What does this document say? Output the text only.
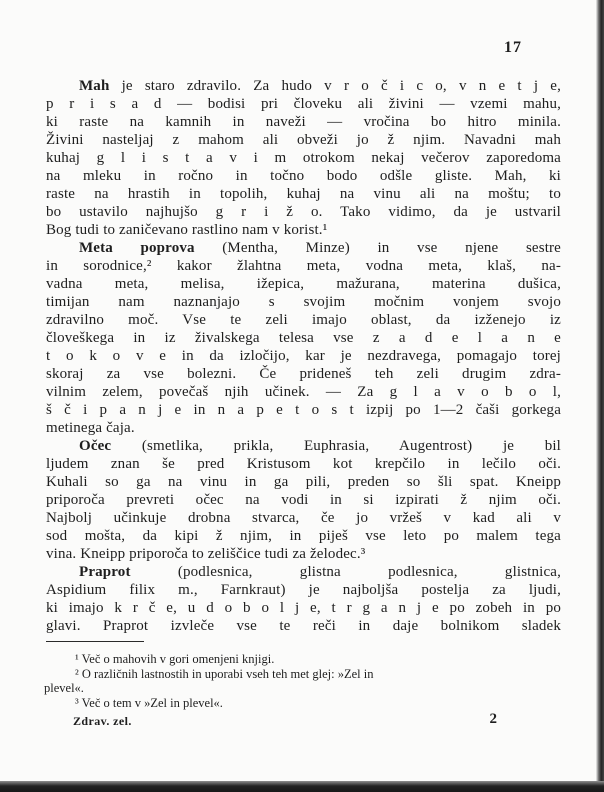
17
Mah je staro zdravilo. Za hudo v r o č i c o, v n e t j e,
p r i s a d — bodisi pri človeku ali živini — vzemi mahu,
ki raste na kamnih in naveži — vročina bo hitro minila.
Živini nasteljaj z mahom ali obveži jo ž njim. Navadni mah
kuhaj g l i s t a v i m otrokom nekaj večerov zaporedoma
na mleku in ročno in točno bodo odšle gliste. Mah, ki
raste na hrastih in topolih, kuhaj na vinu ali na moštu; to
bo ustavilo najhujšo g r i ž o. Tako vidimo, da je ustvaril
Bog tudi to zaničevano rastlino nam v korist.¹
Meta poprova (Mentha, Minze) in vse njene sestre
in sorodnice,² kakor žlahtna meta, vodna meta, klaš, na-
vadna meta, melisa, ižepica, mažurana, materina dušica,
timijan nam naznanjajo s svojim močnim vonjem svojo
zdravilno moč. Vse te zeli imajo oblast, da izženejo iz
človeškega in iz živalskega telesa vse z a d e l a n e
t o k o v e in da izločijo, kar je nezdravega, pomagajo torej
skoraj za vse bolezni. Če prideneš teh zeli drugim zdra-
vilnim zelem, povečaš njih učinek. — Za g l a v o b o l,
š č i p a n j e in n a p e t o s t izpij po 1—2 čaši gorkega
metinega čaja.
Očec (smetlika, prikla, Euphrasia, Augentrost) je bil
ljudem znan še pred Kristusom kot krepčilo in lečilo oči.
Kuhali so ga na vinu in ga pili, preden so šli spat. Kneipp
priporoča prevreti očec na vodi in si izpirati ž njim oči.
Najbolj učinkuje drobna stvarca, če jo vržeš v kad ali v
sod mošta, da kipi ž njim, in piješ vse leto po malem tega
vina. Kneipp priporoča to zeliščice tudi za želodec.³
Praprot (podlesnica, glistna podlesnica, glistnica,
Aspidium filix m., Farnkraut) je najboljša postelja za ljudi,
ki imajo k r č e, u d o b o l j e, t r g a n j e po zobeh in po
glavi. Praprot izvleče vse te reči in daje bolnikom sladek
¹ Več o mahovih v gori omenjeni knjigi.
² O različnih lastnostih in uporabi vseh teh met glej: »Zel in
plevel«.
³ Več o tem v »Zel in plevel«.
Zdrav. zel.	2
